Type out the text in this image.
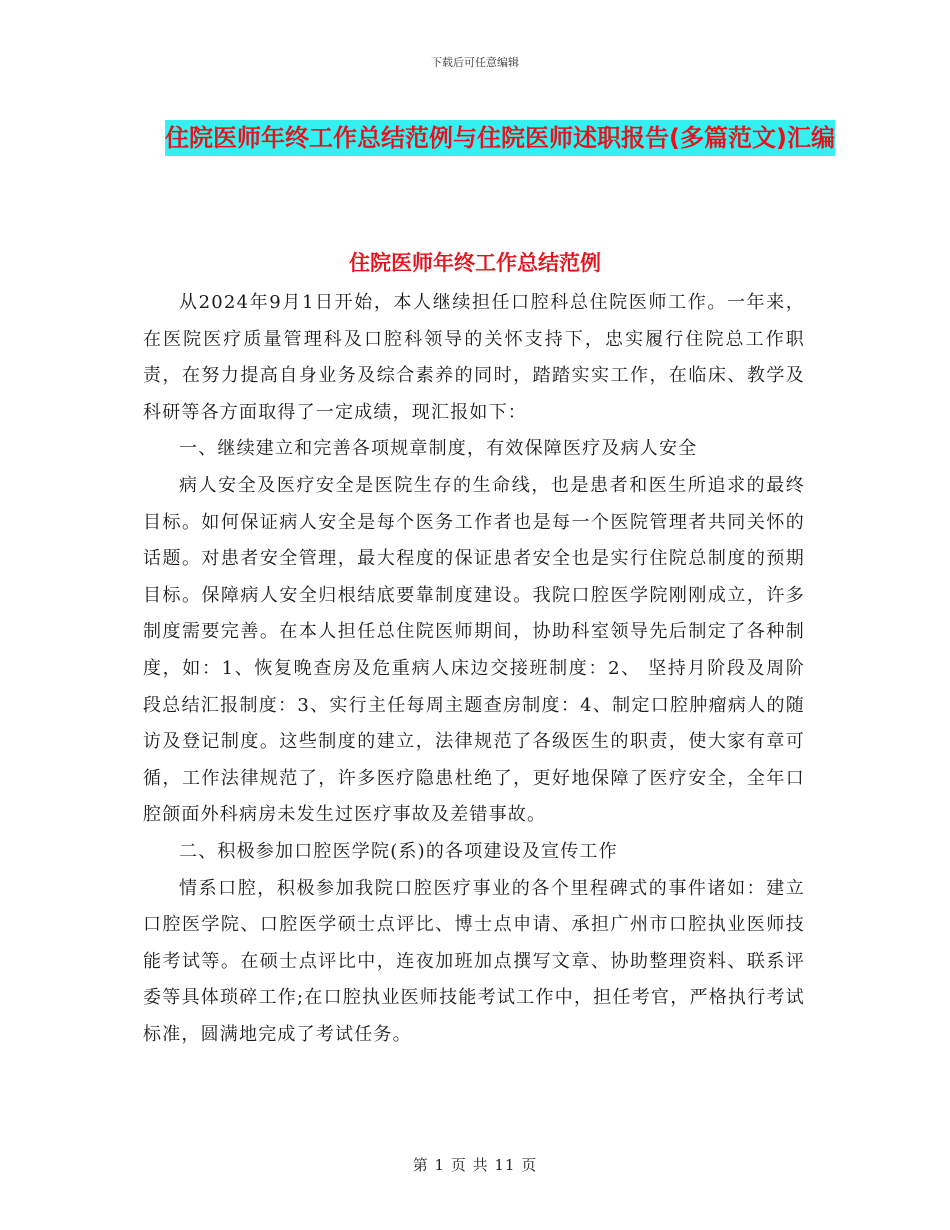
下载后可任意编辑
住院医师年终工作总结范例与住院医师述职报告(多篇范文)汇编
住院医师年终工作总结范例

从2024年9月1日开始，本人继续担任口腔科总住院医师工作。一年来，在医院医疗质量管理科及口腔科领导的关怀支持下，忠实履行住院总工作职责，在努力提高自身业务及综合素养的同时，踏踏实实工作，在临床、教学及科研等各方面取得了一定成绩，现汇报如下：

一、继续建立和完善各项规章制度，有效保障医疗及病人安全

病人安全及医疗安全是医院生存的生命线，也是患者和医生所追求的最终目标。如何保证病人安全是每个医务工作者也是每一个医院管理者共同关怀的话题。对患者安全管理，最大程度的保证患者安全也是实行住院总制度的预期目标。保障病人安全归根结底要靠制度建设。我院口腔医学院刚刚成立，许多制度需要完善。在本人担任总住院医师期间，协助科室领导先后制定了各种制度，如：1、恢复晚查房及危重病人床边交接班制度：2、 坚持月阶段及周阶段总结汇报制度：3、实行主任每周主题查房制度：4、制定口腔肿瘤病人的随访及登记制度。这些制度的建立，法律规范了各级医生的职责，使大家有章可循，工作法律规范了，许多医疗隐患杜绝了，更好地保障了医疗安全，全年口腔颌面外科病房未发生过医疗事故及差错事故。

二、积极参加口腔医学院(系)的各项建设及宣传工作

情系口腔，积极参加我院口腔医疗事业的各个里程碑式的事件诸如：建立口腔医学院、口腔医学硕士点评比、博士点申请、承担广州市口腔执业医师技能考试等。在硕士点评比中，连夜加班加点撰写文章、协助整理资料、联系评委等具体琐碎工作;在口腔执业医师技能考试工作中，担任考官，严格执行考试标准，圆满地完成了考试任务。

第 1 页 共 11 页
